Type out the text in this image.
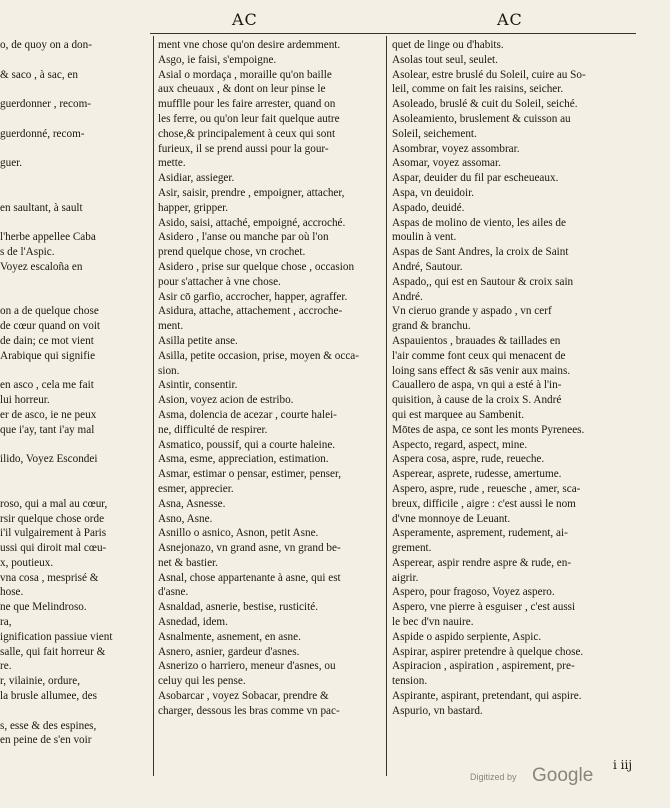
AC	AC
o, de quoy on a don-

& saco , à sac, en

guerdonner , recom-

guerdonné, recom-

guer.

en saultant, à sault

l'herbe appellee Caba
s de l'Aspic.
Voyez escaloña en

on a de quelque chose
de cœur quand on voit
de dain; ce mot vient
Arabique qui signifie

en asco , cela me fait
lui horreur.
er de asco, ie ne peux
que i'ay, tant i'ay mal

ilido, Voyez Escondei

roso, qui a mal au cœur,
rsir quelque chose orde
i'il vulgairement à Paris
ussi qui diroit mal cœu-
x, poutieux.
vna cosa , mesprisé &
hose.
ne que Melindroso.
ra,
ignification passiue vient
salle, qui fait horreur &
re.
r, vilainie, ordure,
la brusle allumee, des

s, esse & des espines,
en peine de s'en voir
ment vne chose qu'on desire ardemment.
Asgo, ie faisi, s'empoigne.
Asial o mordaça , moraille qu'on baille
aux cheuaux , & dont on leur pinse le
mufflle pour les faire arrester, quand on
les ferre, ou qu'on leur fait quelque autre
chose,& principalement à ceux qui sont
furieux, il se prend aussi pour la gour-
mette.
Asidiar, assieger.
Asir, saisir, prendre , empoigner, attacher,
happer, gripper.
Asido, saisi, attaché, empoigné, accroché.
Asidero , l'anse ou manche par où l'on
prend quelque chose, vn crochet.
Asidero , prise sur quelque chose , occasion
pour s'attacher à vne chose.
Asir cō garfio, accrocher, happer, agraffer.
Asidura, attache, attachement , accroche-
ment.
Asilla petite anse.
Asilla, petite occasion, prise, moyen & occa-
sion.
Asintir, consentir.
Asion, voyez acion de estribo.
Asma, dolencia de acezar , courte halei-
ne, difficulté de respirer.
Asmatico, poussif, qui a courte haleine.
Asma, esme, appreciation, estimation.
Asmar, estimar o pensar, estimer, penser,
esmer, apprecier.
Asna, Asnesse.
Asno, Asne.
Asnillo o asnico, Asnon, petit Asne.
Asnejonazo, vn grand asne, vn grand be-
net & bastier.
Asnal, chose appartenante à asne, qui est
d'asne.
Asnaldad, asnerie, bestise, rusticité.
Asnedad, idem.
Asnalmente, asnement, en asne.
Asnero, asnier, gardeur d'asnes.
Asnerizo o harriero, meneur d'asnes, ou
celuy qui les pense.
Asobarcar , voyez Sobacar, prendre &
charger, dessous les bras comme vn pac-
quet de linge ou d'habits.
Asolas tout seul, seulet.
Asolear, estre bruslé du Soleil, cuire au So-
leil, comme on fait les raisins, seicher.
Asoleado, bruslé & cuit du Soleil, seiché.
Asoleamiento, bruslement & cuisson au
Soleil, seichement.
Asombrar, voyez assombrar.
Asomar, voyez assomar.
Aspar, deuider du fil par escheueaux.
Aspa, vn deuidoir.
Aspado, deuidé.
Aspas de molino de viento, les ailes de
moulin à vent.
Aspas de Sant Andres, la croix de Saint
André, Sautour.
Aspado,, qui est en Sautour & croix sain
André.
Vn cieruo grande y aspado , vn cerf
grand & branchu.
Aspauientos , brauades & taillades en
l'air comme font ceux qui menacent de
loing sans effect & sās venir aux mains.
Cauallero de aspa, vn qui a esté à l'in-
quisition, à cause de la croix S. André
qui est marquee au Sambenit.
Mōtes de aspa, ce sont les monts Pyrenees.
Aspecto, regard, aspect, mine.
Aspera cosa, aspre, rude, reueche.
Asperear, asprete, rudesse, amertume.
Aspero, aspre, rude , reuesche , amer, sca-
breux, difficile , aigre : c'est aussi le nom
d'vne monnoye de Leuant.
Asperamente, asprement, rudement, ai-
grement.
Asperear, aspir rendre aspre & rude, en-
aigrir.
Aspero, pour fragoso, Voyez aspero.
Aspero, vne pierre à esguiser , c'est aussi
le bec d'vn nauire.
Aspide o aspido serpiente, Aspic.
Aspirar, aspirer pretendre à quelque chose.
Aspiracion , aspiration , aspirement, pre-
tension.
Aspirante, aspirant, pretendant, qui aspire.
Aspurio, vn bastard.
i iij
Digitized by Google
